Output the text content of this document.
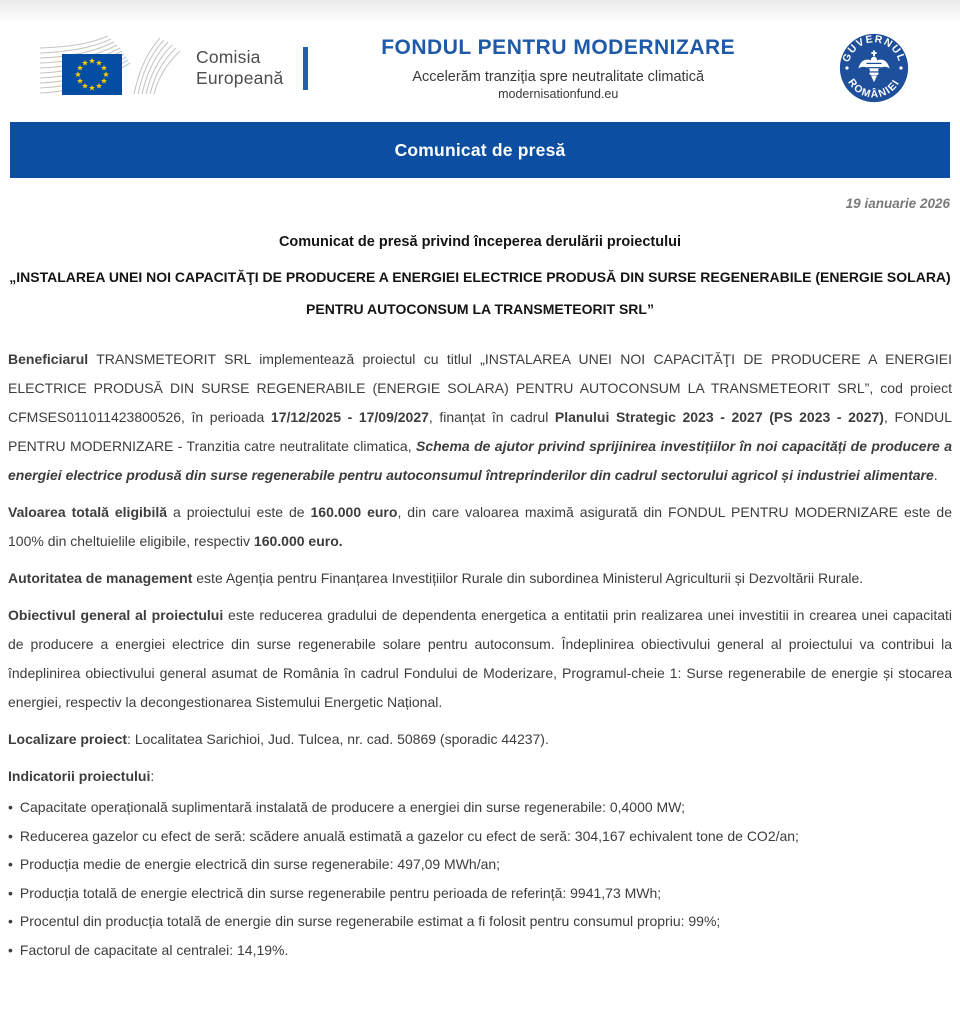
Comisia
Europeană
FONDUL PENTRU MODERNIZARE
Accelerăm tranziția spre neutralitate climatică
modernisationfund.eu
GUVERNUL
ROMÂNIEI
Comunicat de presă
19 ianuarie 2026
Comunicat de presă privind începerea derulării proiectului
„INSTALAREA UNEI NOI CAPACITĂŢI DE PRODUCERE A ENERGIEI ELECTRICE PRODUSĂ DIN SURSE REGENERABILE (ENERGIE SOLARA) PENTRU AUTOCONSUM LA TRANSMETEORIT SRL”

Beneficiarul TRANSMETEORIT SRL implementează proiectul cu titlul „INSTALAREA UNEI NOI CAPACITĂŢI DE PRODUCERE A ENERGIEI ELECTRICE PRODUSĂ DIN SURSE REGENERABILE (ENERGIE SOLARA) PENTRU AUTOCONSUM LA TRANSMETEORIT SRL”, cod proiect CFMSES011011423800526, în perioada 17/12/2025 - 17/09/2027, finanțat în cadrul Planului Strategic 2023 - 2027 (PS 2023 - 2027), FONDUL PENTRU MODERNIZARE - Tranzitia catre neutralitate climatica, Schema de ajutor privind sprijinirea investițiilor în noi capacități de producere a energiei electrice produsă din surse regenerabile pentru autoconsumul întreprinderilor din cadrul sectorului agricol și industriei alimentare.

Valoarea totală eligibilă a proiectului este de 160.000 euro, din care valoarea maximă asigurată din FONDUL PENTRU MODERNIZARE este de 100% din cheltuielile eligibile, respectiv 160.000 euro.

Autoritatea de management este Agenția pentru Finanțarea Investițiilor Rurale din subordinea Ministerul Agriculturii și Dezvoltării Rurale.

Obiectivul general al proiectului este reducerea gradului de dependenta energetica a entitatii prin realizarea unei investitii in crearea unei capacitati de producere a energiei electrice din surse regenerabile solare pentru autoconsum. Îndeplinirea obiectivului general al proiectului va contribui la îndeplinirea obiectivului general asumat de România în cadrul Fondului de Moderizare, Programul-cheie 1: Surse regenerabile de energie și stocarea energiei, respectiv la decongestionarea Sistemului Energetic Național.

Localizare proiect: Localitatea Sarichioi, Jud. Tulcea, nr. cad. 50869 (sporadic 44237).

Indicatorii proiectului:

• Capacitate operațională suplimentară instalată de producere a energiei din surse regenerabile: 0,4000 MW;
• Reducerea gazelor cu efect de seră: scădere anuală estimată a gazelor cu efect de seră: 304,167 echivalent tone de CO2/an;
• Producția medie de energie electrică din surse regenerabile: 497,09 MWh/an;
• Producția totală de energie electrică din surse regenerabile pentru perioada de referință: 9941,73 MWh;
• Procentul din producția totală de energie din surse regenerabile estimat a fi folosit pentru consumul propriu: 99%;
• Factorul de capacitate al centralei: 14,19%.
